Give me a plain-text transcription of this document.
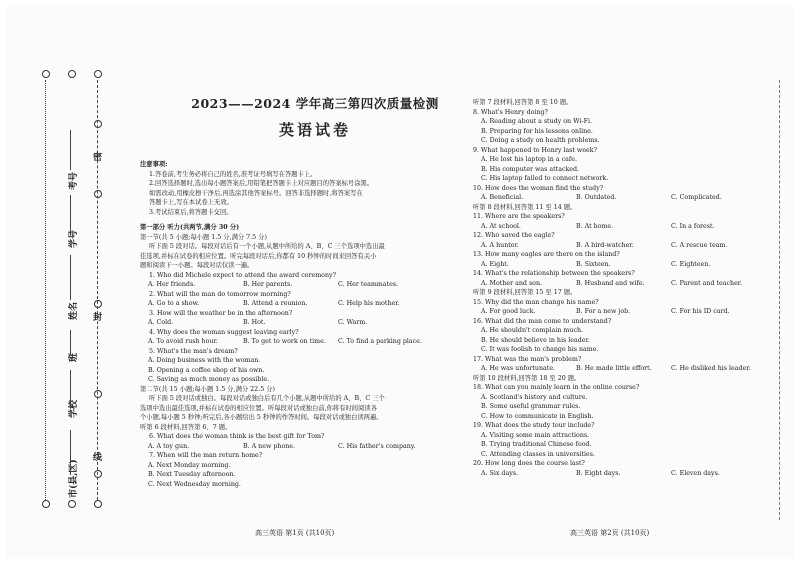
考号
学号
姓名
班
学校
市(县,区)
密
封
线
2023——2024 学年高三第四次质量检测
英语试卷

注意事项:

1.答卷前,考生务必将自己的姓名,准考证号填写在答题卡上。

2.回答选择题时,选出每小题答案后,用铅笔把答题卡上对应题目的答案标号涂黑。

如需改动,用橡皮擦干净后,再选涂其他答案标号。回答非选择题时,将答案写在

答题卡上,写在本试卷上无效。

3.考试结束后,将答题卡交回。

第一部分 听力(共两节,满分 30 分)

第一节(共 5 小题;每小题 1.5 分,满分 7.5 分)

听下面 5 段对话。每段对话后有一个小题,从题中所给的 A、B、C 三个选项中选出最

佳选项,并标在试卷的相应位置。听完每段对话后,你都有 10 秒钟的时间来回答有关小

题和阅读下一小题。每段对话仅读一遍。

1. Who did Michele expect to attend the award ceremony?

A. Her friends.	B. Her parents.	C. Her teammates.

2. What will the man do tomorrow morning?

A. Go to a show.	B. Attend a reunion.	C. Help his mother.

3. How will the weather be in the afternoon?

A. Cold.	B. Hot.	C. Warm.

4. Why does the woman suggest leaving early?

A. To avoid rush hour.	B. To get to work on time.	C. To find a parking place.

5. What's the man's dream?

A. Doing business with the woman.

B. Opening a coffee shop of his own.

C. Saving as much money as possible.

第二节(共 15 小题;每小题 1.5 分,满分 22.5 分)

听下面 5 段对话或独白。每段对话或独白后有几个小题,从题中所给的 A、B、C 三个

选项中选出最佳选项,并标在试卷的相应位置。听每段对话或独白前,你将有时间阅读各

个小题,每小题 5 秒钟;听完后,各小题给出 5 秒钟的作答时间。每段对话或独白读两遍。

听第 6 段材料,回答第 6、7 题。

6. What does the woman think is the best gift for Tom?

A. A toy gun.	B. A new phone.	C. His father's company.

7. When will the man return home?

A. Next Monday morning.

B. Next Tuesday afternoon.

C. Next Wednesday morning.

听第 7 段材料,回答第 8 至 10 题。

8. What's Henry doing?

A. Reading about a study on Wi-Fi.

B. Preparing for his lessons online.

C. Doing a study on health problems.

9. What happened to Henry last week?

A. He lost his laptop in a cafe.

B. His computer was attacked.

C. His laptop failed to connect network.

10. How does the woman find the study?

A. Beneficial.	B. Outdated.	C. Complicated.

听第 8 段材料,回答第 11 至 14 题。

11. Where are the speakers?

A. At school.	B. At home.	C. In a forest.

12. Who saved the eagle?

A. A hunter.	B. A bird-watcher.	C. A rescue team.

13. How many eagles are there on the island?

A. Eight.	B. Sixteen.	C. Eighteen.

14. What's the relationship between the speakers?

A. Mother and son.	B. Husband and wife.	C. Parent and teacher.

听第 9 段材料,回答第 15 至 17 题。

15. Why did the man change his name?

A. For good luck.	B. For a new job.	C. For his ID card.

16. What did the man come to understand?

A. He shouldn't complain much.

B. He should believe in his leader.

C. It was foolish to change his name.

17. What was the man's problem?

A. He was unfortunate.	B. He made little effort.	C. He disliked his leader.

听第 10 段材料,回答第 18 至 20 题。

18. What can you mainly learn in the online course?

A. Scotland's history and culture.

B. Some useful grammar rules.

C. How to communicate in English.

19. What does the study tour include?

A. Visiting some main attractions.

B. Trying traditional Chinese food.

C. Attending classes in universities.

20. How long does the course last?

A. Six days.	B. Eight days.	C. Eleven days.
高三英语 第1页 (共10页)	高三英语 第2页 (共10页)
